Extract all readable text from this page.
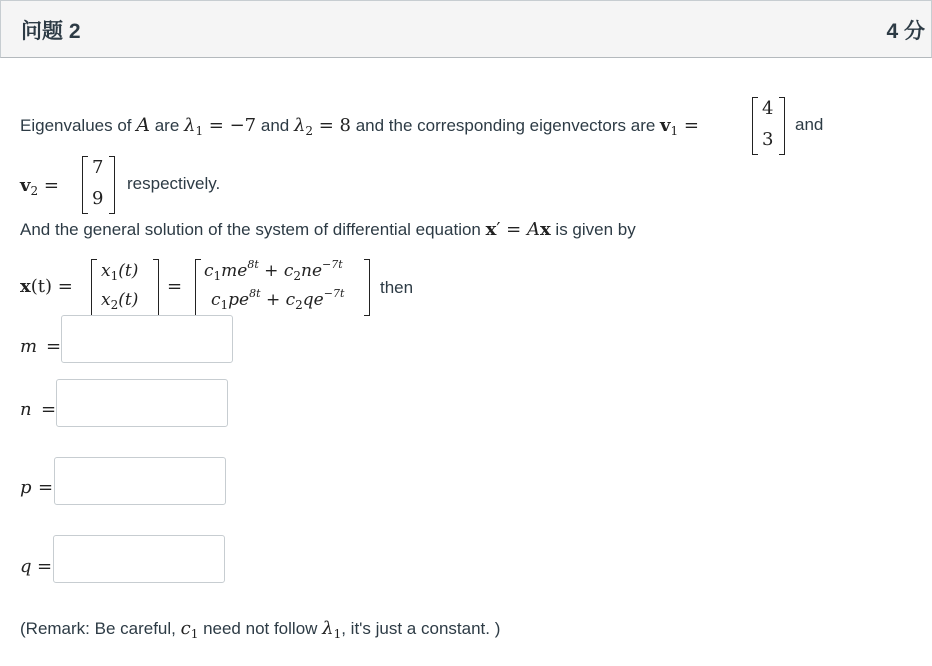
问题 2	4 分
Eigenvalues of A are $\lambda_1 = -7$ and $\lambda_2 = 8$ and the corresponding eigenvectors are $v_1$ =
4
3
and
$v_2$ =
7
9
respectively.
And the general solution of the system of differential equation x′ = Ax is given by
x(t) =
$x_1(t)$
$x_2(t)$
=
$c_1me^{8t} + c_2ne^{-7t}$
$c_1pe^{8t} + c_2qe^{-7t}$ then
m =
n =
p =
q =
(Remark: Be careful, $c_1$ need not follow $\lambda_1$, it's just a constant. )
